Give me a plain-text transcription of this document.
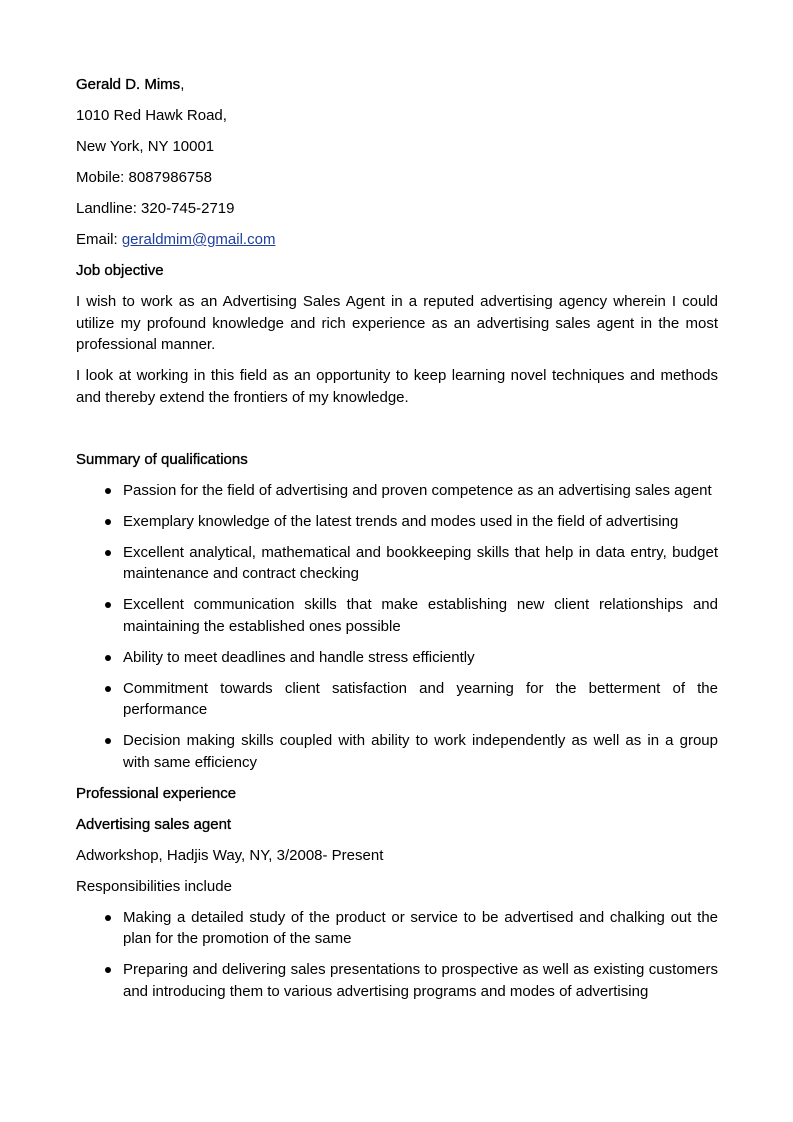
Gerald D. Mims,
1010 Red Hawk Road,
New York, NY 10001
Mobile: 8087986758
Landline: 320-745-2719
Email: geraldmim@gmail.com
Job objective
I wish to work as an Advertising Sales Agent in a reputed advertising agency wherein I could utilize my profound knowledge and rich experience as an advertising sales agent in the most professional manner.
I look at working in this field as an opportunity to keep learning novel techniques and methods and thereby extend the frontiers of my knowledge.
Summary of qualifications
Passion for the field of advertising and proven competence as an advertising sales agent
Exemplary knowledge of the latest trends and modes used in the field of advertising
Excellent analytical, mathematical and bookkeeping skills that help in data entry, budget maintenance and contract checking
Excellent communication skills that make establishing new client relationships and maintaining the established ones possible
Ability to meet deadlines and handle stress efficiently
Commitment towards client satisfaction and yearning for the betterment of the performance
Decision making skills coupled with ability to work independently as well as in a group with same efficiency
Professional experience
Advertising sales agent
Adworkshop, Hadjis Way, NY, 3/2008- Present
Responsibilities include
Making a detailed study of the product or service to be advertised and chalking out the plan for the promotion of the same
Preparing and delivering sales presentations to prospective as well as existing customers and introducing them to various advertising programs and modes of advertising
